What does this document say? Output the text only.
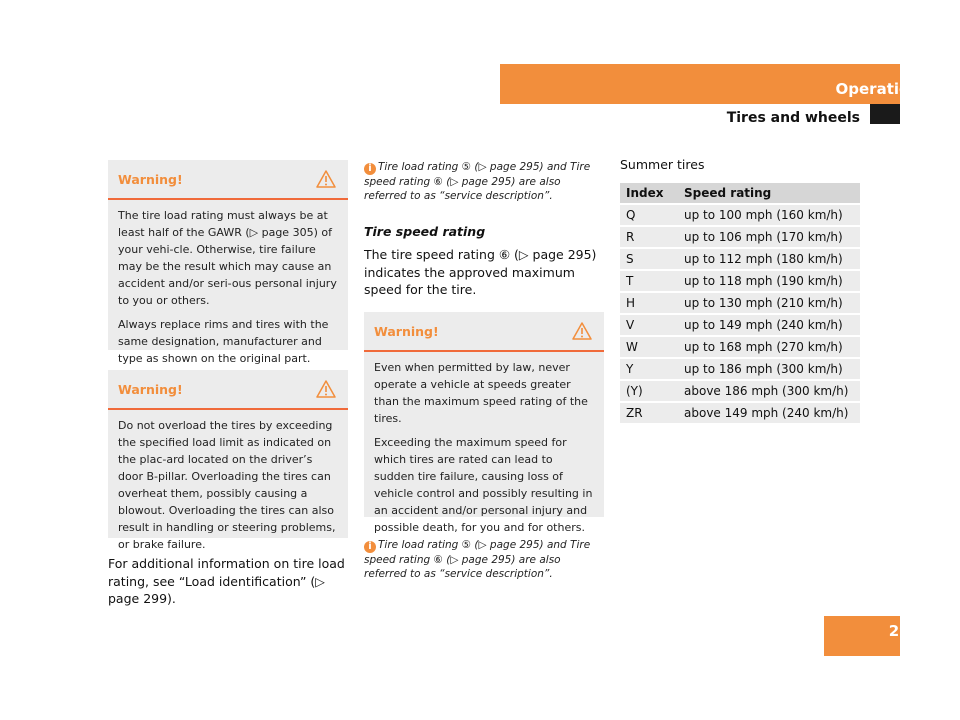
Operation
Tires and wheels
Warning!

The tire load rating must always be at least half of the GAWR (▷ page 305) of your vehi-cle. Otherwise, tire failure may be the result which may cause an accident and/or seri-ous personal injury to you or others.

Always replace rims and tires with the same designation, manufacturer and type as shown on the original part.

Warning!

Do not overload the tires by exceeding the specified load limit as indicated on the plac-ard located on the driver’s door B-pillar. Overloading the tires can overheat them, possibly causing a blowout. Overloading the tires can also result in handling or steering problems, or brake failure.

For additional information on tire load rating, see “Load identification” (▷ page 299).
i Tire load rating ⑤ (▷ page 295) and Tire speed rating ⑥ (▷ page 295) are also referred to as “service description”.
Tire speed rating
The tire speed rating ⑥ (▷ page 295) indicates the approved maximum speed for the tire.
Warning!

Even when permitted by law, never operate a vehicle at speeds greater than the maximum speed rating of the tires.

Exceeding the maximum speed for which tires are rated can lead to sudden tire failure, causing loss of vehicle control and possibly resulting in an accident and/or personal injury and possible death, for you and for others.

i Tire load rating ⑤ (▷ page 295) and Tire speed rating ⑥ (▷ page 295) are also referred to as “service description”.
Summer tires
Index	Speed rating
Q	up to 100 mph (160 km/h)
R	up to 106 mph (170 km/h)
S	up to 112 mph (180 km/h)
T	up to 118 mph (190 km/h)
H	up to 130 mph (210 km/h)
V	up to 149 mph (240 km/h)
W	up to 168 mph (270 km/h)
Y	up to 186 mph (300 km/h)
(Y)	above 186 mph (300 km/h)
ZR	above 149 mph (240 km/h)
297
